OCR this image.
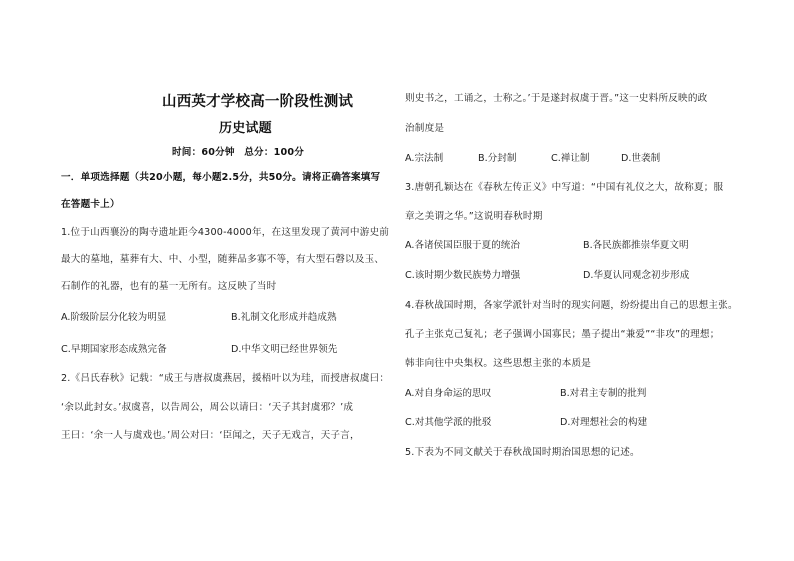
山西英才学校高一阶段性测试
历史试题
时间：60分钟 总分：100分
一．单项选择题（共20小题，每小题2.5分，共50分。请将正确答案填写
在答题卡上）
1.位于山西襄汾的陶寺遗址距今4300-4000年，在这里发现了黄河中游史前
最大的墓地，墓葬有大、中、小型，随葬品多寡不等，有大型石磬以及玉、
石制作的礼器，也有的墓一无所有。这反映了当时
A.阶级阶层分化较为明显	B.礼制文化形成并趋成熟
C.早期国家形态成熟完备	D.中华文明已经世界领先
2.《吕氏春秋》记载：“成王与唐叔虞燕居，援梧叶以为珪，而授唐叔虞曰：
‘余以此封女。’叔虞喜，以告周公，周公以请曰：‘天子其封虞邪？’成
王曰：‘余一人与虞戏也。’周公对曰：‘臣闻之，天子无戏言，天子言，
则史书之，工诵之，士称之。’于是遂封叔虞于晋。”这一史料所反映的政
治制度是
A.宗法制	B.分封制	C.禅让制	D.世袭制
3.唐朝孔颖达在《春秋左传正义》中写道：“中国有礼仪之大，故称夏；服
章之美谓之华。”这说明春秋时期
A.各诸侯国臣服于夏的统治	B.各民族都推崇华夏文明
C.该时期少数民族势力增强	D.华夏认同观念初步形成
4.春秋战国时期，各家学派针对当时的现实问题，纷纷提出自己的思想主张。
孔子主张克己复礼；老子强调小国寡民；墨子提出“兼爱”“非攻”的理想；
韩非向往中央集权。这些思想主张的本质是
A.对自身命运的思叹	B.对君主专制的批判
C.对其他学派的批驳	D.对理想社会的构建
5.下表为不同文献关于春秋战国时期治国思想的记述。
